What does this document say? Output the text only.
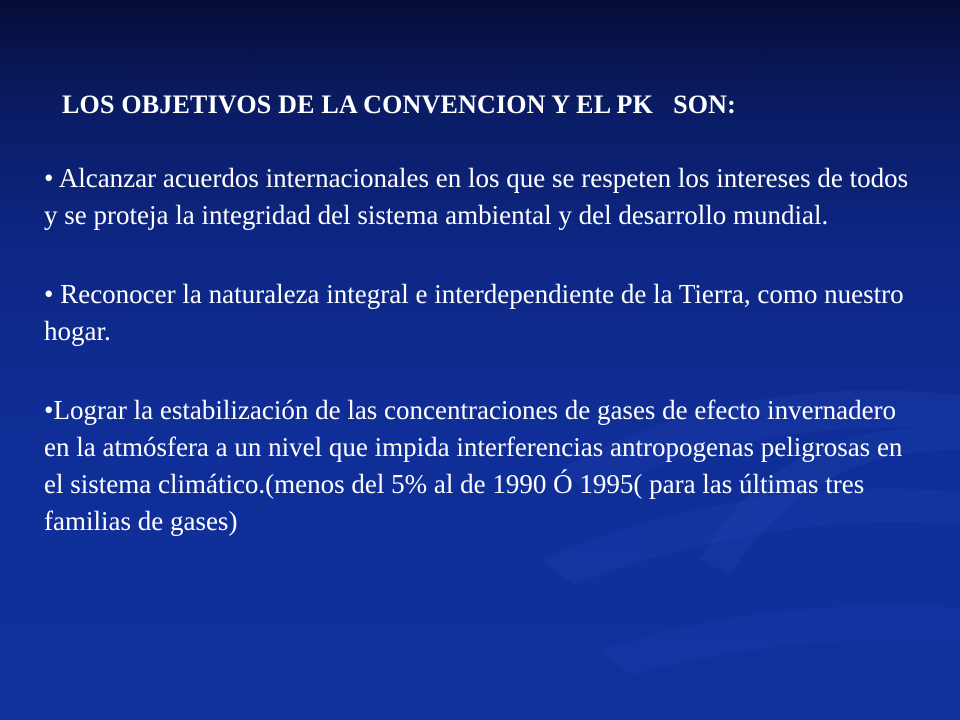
LOS OBJETIVOS DE LA CONVENCION Y EL PK   SON:
• Alcanzar acuerdos internacionales en los que se respeten los intereses de todos y se proteja la integridad del sistema ambiental y del desarrollo mundial.
• Reconocer la naturaleza integral e interdependiente de la Tierra, como nuestro hogar.
•Lograr la estabilización de las concentraciones de gases de efecto invernadero en la atmósfera a un nivel que impida interferencias antropogenas peligrosas en el sistema climático.(menos del 5% al de 1990 Ó 1995( para las últimas tres familias de gases)
